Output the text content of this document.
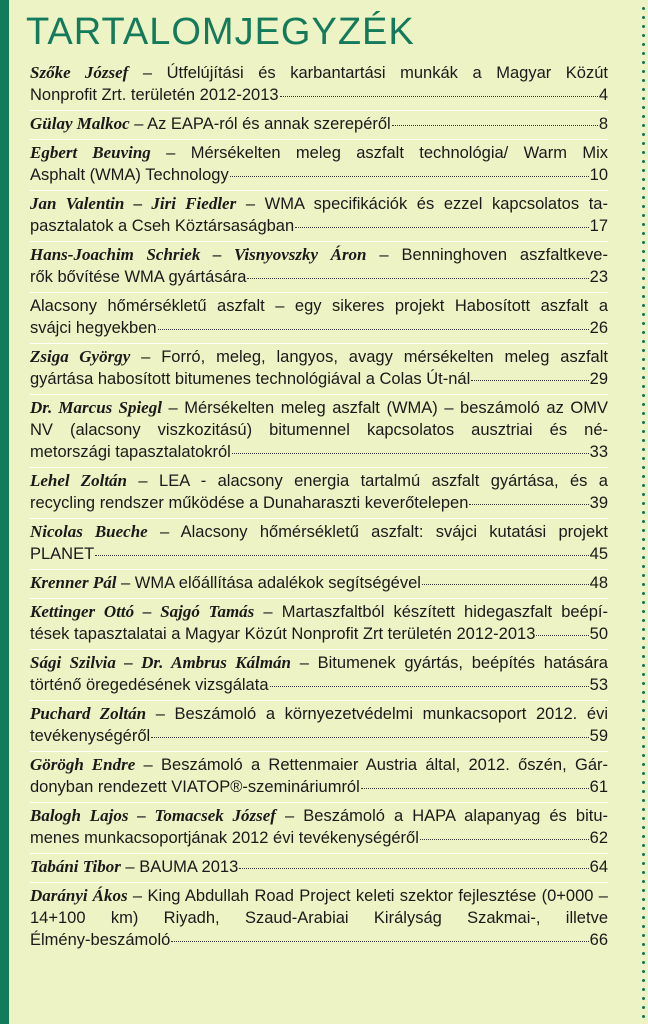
TARTALOMJEGYZÉK
Szőke József – Útfelújítási és karbantartási munkák a Magyar Közút
Nonprofit Zrt. területén 2012-2013	4
Gülay Malkoc – Az EAPA-ról és annak szerepéről	8
Egbert Beuving – Mérsékelten meleg aszfalt technológia/ Warm Mix
Asphalt (WMA) Technology	10
Jan Valentin – Jiri Fiedler – WMA specifikációk és ezzel kapcsolatos ta-
pasztalatok a Cseh Köztársaságban	17
Hans-Joachim Schriek – Visnyovszky Áron – Benninghoven aszfaltkeve-
rők bővítése WMA gyártására	23
Alacsony hőmérsékletű aszfalt – egy sikeres projekt Habosított aszfalt a
svájci hegyekben	26
Zsiga György – Forró, meleg, langyos, avagy mérsékelten meleg aszfalt
gyártása habosított bitumenes technológiával a Colas Út-nál	29
Dr. Marcus Spiegl – Mérsékelten meleg aszfalt (WMA) – beszámoló az OMV NV (alacsony viszkozitású) bitumennel kapcsolatos ausztriai és né-
metországi tapasztalatokról	33
Lehel Zoltán – LEA - alacsony energia tartalmú aszfalt gyártása, és a
recycling rendszer működése a Dunaharaszti keverőtelepen	39
Nicolas Bueche – Alacsony hőmérsékletű aszfalt: svájci kutatási projekt
PLANET	45
Krenner Pál – WMA előállítása adalékok segítségével	48
Kettinger Ottó – Sajgó Tamás – Martaszfaltból készített hidegaszfalt beépí-
tések tapasztalatai a Magyar Közút Nonprofit Zrt területén 2012-2013	50
Sági Szilvia – Dr. Ambrus Kálmán – Bitumenek gyártás, beépítés hatására
történő öregedésének vizsgálata	53
Puchard Zoltán – Beszámoló a környezetvédelmi munkacsoport 2012. évi
tevékenységéről	59
Görögh Endre – Beszámoló a Rettenmaier Austria által, 2012. őszén, Gár-
donyban rendezett VIATOP®-szemináriumról	61
Balogh Lajos – Tomacsek József – Beszámoló a HAPA alapanyag és bitu-
menes munkacsoportjának 2012 évi tevékenységéről	62
Tabáni Tibor – BAUMA 2013	64
Darányi Ákos – King Abdullah Road Project keleti szektor fejlesztése (0+000 – 14+100 km) Riyadh, Szaud-Arabiai Királyság Szakmai-, illetve
Élmény-beszámoló	66
